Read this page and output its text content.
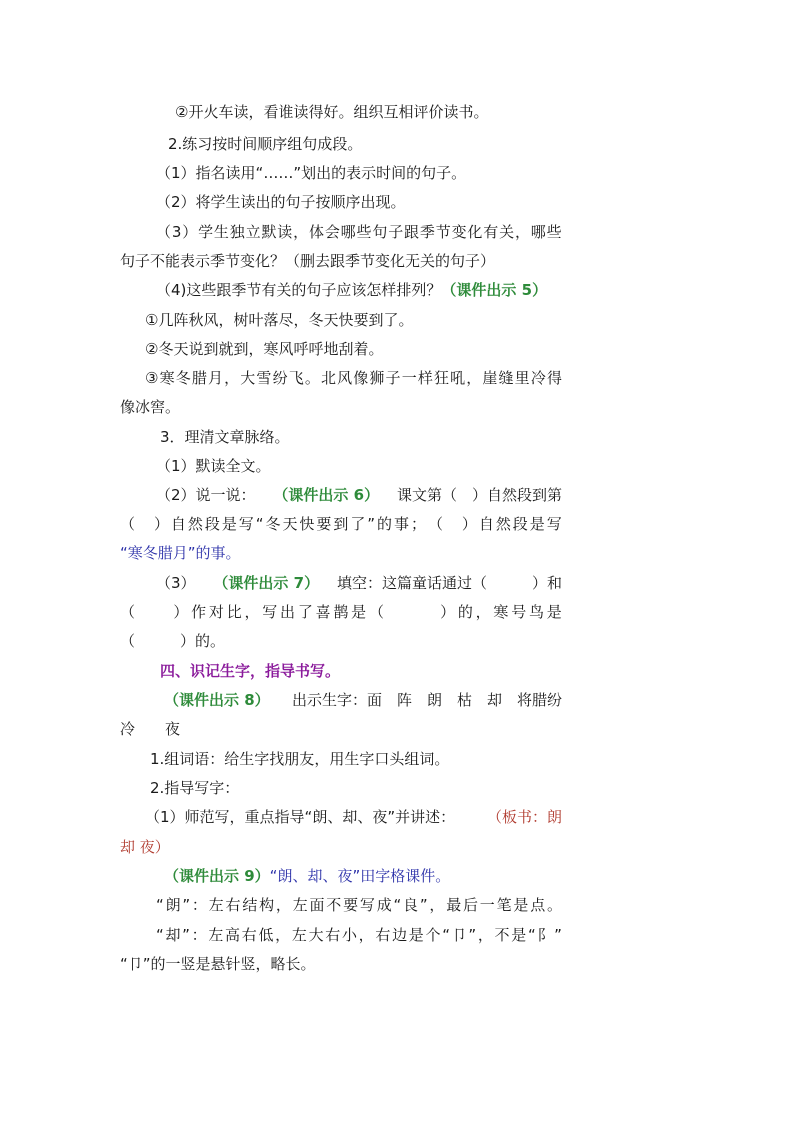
②开火车读，看谁读得好。组织互相评价读书。
2.练习按时间顺序组句成段。
（1）指名读用“……”划出的表示时间的句子。
（2）将学生读出的句子按顺序出现。
（ 3 ） 学 生 独 立 默 读 ， 体 会 哪 些 句 子 跟 季 节 变 化 有 关 ， 哪 些
句子不能表示季节变化？（删去跟季节变化无关的句子）
（4)这些跟季节有关的句子应该怎样排列？（课件出示 5）
①几阵秋风，树叶落尽，冬天快要到了。
②冬天说到就到，寒风呼呼地刮着。
③ 寒 冬 腊 月 ， 大 雪 纷 飞 。 北 风 像 狮 子 一 样 狂 吼 ， 崖 缝 里 冷 得
像冰窖。
3．理清文章脉络。
（1）默读全文。
（2）说一说： （课件出示 6） 课文第（　）自然段到第
（
　 ） 自 然 段 是 写 “ 冬 天 快 要 到 了 ” 的 事 ； （
　 ） 自 然 段 是 写
“寒冬腊月”的事。
（3） （课件出示 7） 填空：这篇童话通过（　　　）和
（

　	） 作 对 比 ， 写 出 了 喜 鹊 是 （

　	） 的 ， 寒 号 鸟 是
（　　　）的。
四、识记生字，指导书写。
（课件出示 8） 出示生字：面　阵　朗　枯　却　将腊纷
冷　　夜
1.组词语：给生字找朋友，用生字口头组词。
2.指导写字：
（1）师范写，重点指导“朗、却、夜”并讲述： （板书：朗
却 夜）
（课件出示 9）“朗、却、夜”田字格课件。
“ 朗 ” ： 左 右 结 构 ， 左 面 不 要 写 成 “ 良 ” ， 最 后 一 笔 是 点 。
“ 却 ” ： 左 高 右 低 ， 左 大 右 小 ， 右 边 是 个 “ 卩 ” ， 不 是 “ 阝 ”
“卩”的一竖是悬针竖，略长。
